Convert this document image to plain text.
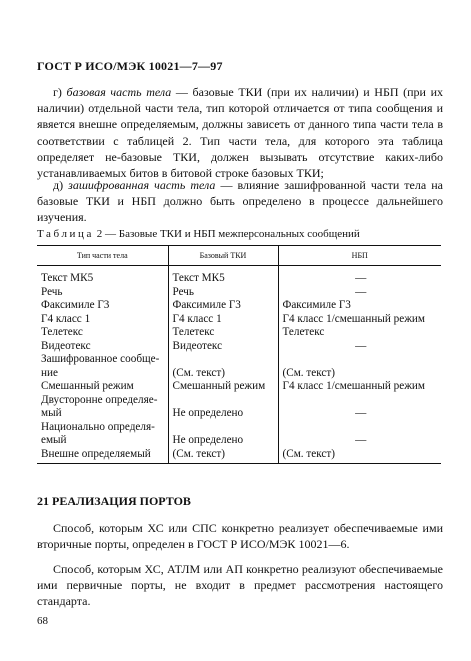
ГОСТ Р ИСО/МЭК 10021—7—97
г) базовая часть тела — базовые ТКИ (при их наличии) и НБП (при их наличии) отдельной части тела, тип которой отличается от типа сообщения и явяется внешне определяемым, должны зависеть от данного типа части тела в соответствии с таблицей 2. Тип части тела, для которого эта таблица определяет не-базовые ТКИ, должен вызывать отсутствие каких-либо устанавливаемых битов в битовой строке базовых ТКИ;
д) зашифрованная часть тела — влияние зашифрованной части тела на базовые ТКИ и НБП должно быть определено в процессе дальнейшего изучения.
Таблица 2 — Базовые ТКИ и НБП межперсональных сообщений
Тип части тела	Базовый ТКИ	НБП
Текст МК5	Текст МК5	—
Речь	Речь	—
Факсимиле Г3	Факсимиле Г3	Факсимиле Г3
Г4 класс 1	Г4 класс 1	Г4 класс 1/смешанный режим
Телетекс	Телетекс	Телетекс
Видеотекс	Видеотекс	—
Зашифрованное сообще-ние	(См. текст)	(См. текст)
Смешанный режим	Смешанный режим	Г4 класс 1/смешанный режим
Двусторонне определяе-мый	Не определено	—
Национально определя-емый	Не определено	—
Внешне определяемый	(См. текст)	(См. текст)
21 РЕАЛИЗАЦИЯ ПОРТОВ
Способ, которым ХС или СПС конкретно реализует обеспечиваемые ими вторичные порты, определен в ГОСТ Р ИСО/МЭК 10021—6.
Способ, которым ХС, АТЛМ или АП конкретно реализуют обеспечиваемые ими первичные порты, не входит в предмет рассмотрения настоящего стандарта.
68
